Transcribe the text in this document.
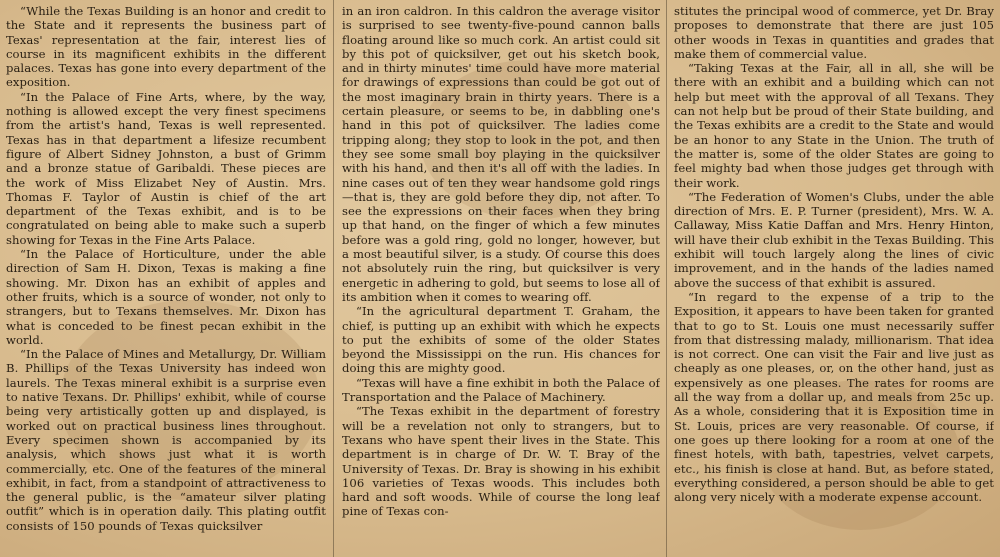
“While the Texas Building is an honor and credit to the State and it represents the business part of Texas' representation at the fair, interest lies of course in its magnificent exhibits in the different palaces. Texas has gone into every department of the exposition.

“In the Palace of Fine Arts, where, by the way, nothing is allowed except the very finest specimens from the artist's hand, Texas is well represented. Texas has in that department a lifesize recumbent figure of Albert Sidney Johnston, a bust of Grimm and a bronze statue of Garibaldi. These pieces are the work of Miss Elizabet Ney of Austin. Mrs. Thomas F. Taylor of Austin is chief of the art department of the Texas exhibit, and is to be congratulated on being able to make such a superb showing for Texas in the Fine Arts Palace.

“In the Palace of Horticulture, under the able direction of Sam H. Dixon, Texas is making a fine showing. Mr. Dixon has an exhibit of apples and other fruits, which is a source of wonder, not only to strangers, but to Texans themselves. Mr. Dixon has what is conceded to be finest pecan exhibit in the world.

“In the Palace of Mines and Metallurgy, Dr. William B. Phillips of the Texas University has indeed won laurels. The Texas mineral exhibit is a surprise even to native Texans. Dr. Phillips' exhibit, while of course being very artistically gotten up and displayed, is worked out on practical business lines throughout. Every specimen shown is accompanied by its analysis, which shows just what it is worth commercially, etc. One of the features of the mineral exhibit, in fact, from a standpoint of attractiveness to the general public, is the “amateur silver plating outfit” which is in operation daily. This plating outfit consists of 150 pounds of Texas quicksilver

in an iron caldron. In this caldron the average visitor is surprised to see twenty-five-pound cannon balls floating around like so much cork. An artist could sit by this pot of quicksilver, get out his sketch book, and in thirty minutes' time could have more material for drawings of expressions than could be got out of the most imaginary brain in thirty years. There is a certain pleasure, or seems to be, in dabbling one's hand in this pot of quicksilver. The ladies come tripping along; they stop to look in the pot, and then they see some small boy playing in the quicksilver with his hand, and then it's all off with the ladies. In nine cases out of ten they wear handsome gold rings—that is, they are gold before they dip, not after. To see the expressions on their faces when they bring up that hand, on the finger of which a few minutes before was a gold ring, gold no longer, however, but a most beautiful silver, is a study. Of course this does not absolutely ruin the ring, but quicksilver is very energetic in adhering to gold, but seems to lose all of its ambition when it comes to wearing off.

“In the agricultural department T. Graham, the chief, is putting up an exhibit with which he expects to put the exhibits of some of the older States beyond the Mississippi on the run. His chances for doing this are mighty good.

“Texas will have a fine exhibit in both the Palace of Transportation and the Palace of Machinery.

“The Texas exhibit in the department of forestry will be a revelation not only to strangers, but to Texans who have spent their lives in the State. This department is in charge of Dr. W. T. Bray of the University of Texas. Dr. Bray is showing in his exhibit 106 varieties of Texas woods. This includes both hard and soft woods. While of course the long leaf pine of Texas con-

stitutes the principal wood of commerce, yet Dr. Bray proposes to demonstrate that there are just 105 other woods in Texas in quantities and grades that make them of commercial value.

“Taking Texas at the Fair, all in all, she will be there with an exhibit and a building which can not help but meet with the approval of all Texans. They can not help but be proud of their State building, and the Texas exhibits are a credit to the State and would be an honor to any State in the Union. The truth of the matter is, some of the older States are going to feel mighty bad when those judges get through with their work.

“The Federation of Women's Clubs, under the able direction of Mrs. E. P. Turner (president), Mrs. W. A. Callaway, Miss Katie Daffan and Mrs. Henry Hinton, will have their club exhibit in the Texas Building. This exhibit will touch largely along the lines of civic improvement, and in the hands of the ladies named above the success of that exhibit is assured.

“In regard to the expense of a trip to the Exposition, it appears to have been taken for granted that to go to St. Louis one must necessarily suffer from that distressing malady, millionarism. That idea is not correct. One can visit the Fair and live just as cheaply as one pleases, or, on the other hand, just as expensively as one pleases. The rates for rooms are all the way from a dollar up, and meals from 25c up. As a whole, considering that it is Exposition time in St. Louis, prices are very reasonable. Of course, if one goes up there looking for a room at one of the finest hotels, with bath, tapestries, velvet carpets, etc., his finish is close at hand. But, as before stated, everything considered, a person should be able to get along very nicely with a moderate expense account.
